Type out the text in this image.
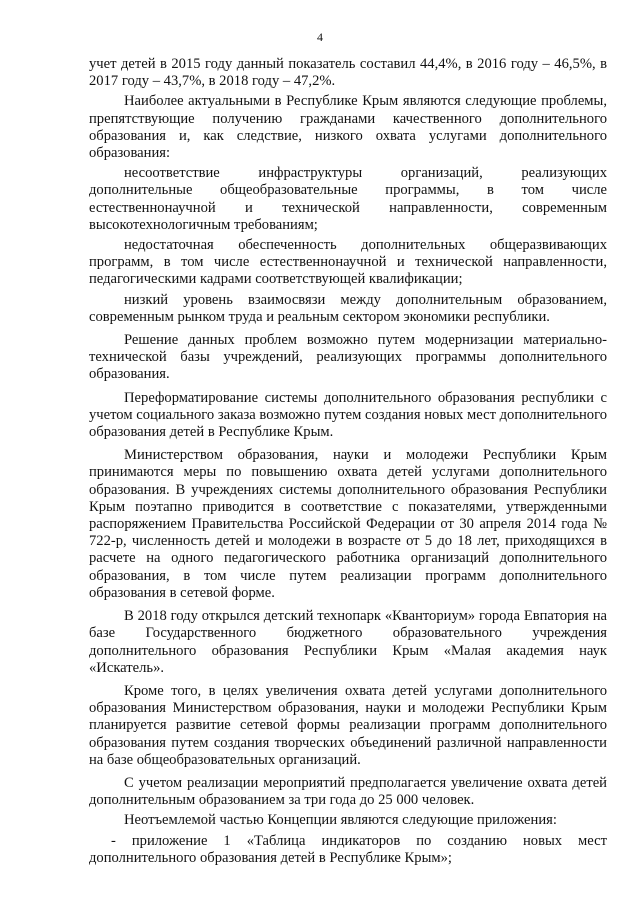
4

учет детей в 2015 году данный показатель составил 44,4%, в 2016 году – 46,5%, в 2017 году – 43,7%, в 2018 году – 47,2%.

Наиболее актуальными в Республике Крым являются следующие проблемы, препятствующие получению гражданами качественного дополнительного образования и, как следствие, низкого охвата услугами дополнительного образования:

несоответствие инфраструктуры организаций, реализующих дополнительные общеобразовательные программы, в том числе естественнонаучной и технической направленности, современным высокотехнологичным требованиям;

недостаточная обеспеченность дополнительных общеразвивающих программ, в том числе естественнонаучной и технической направленности, педагогическими кадрами соответствующей квалификации;

низкий уровень взаимосвязи между дополнительным образованием, современным рынком труда и реальным сектором экономики республики.

Решение данных проблем возможно путем модернизации материально-технической базы учреждений, реализующих программы дополнительного образования.

Переформатирование системы дополнительного образования республики с учетом социального заказа возможно путем создания новых мест дополнительного образования детей в Республике Крым.

Министерством образования, науки и молодежи Республики Крым принимаются меры по повышению охвата детей услугами дополнительного образования. В учреждениях системы дополнительного образования Республики Крым поэтапно приводится в соответствие с показателями, утвержденными распоряжением Правительства Российской Федерации от 30 апреля 2014 года № 722-р, численность детей и молодежи в возрасте от 5 до 18 лет, приходящихся в расчете на одного педагогического работника организаций дополнительного образования, в том числе путем реализации программ дополнительного образования в сетевой форме.

В 2018 году открылся детский технопарк «Кванториум» города Евпатория на базе Государственного бюджетного образовательного учреждения дополнительного образования Республики Крым «Малая академия наук «Искатель».

Кроме того, в целях увеличения охвата детей услугами дополнительного образования Министерством образования, науки и молодежи Республики Крым планируется развитие сетевой формы реализации программ дополнительного образования путем создания творческих объединений различной направленности на базе общеобразовательных организаций.

С учетом реализации мероприятий предполагается увеличение охвата детей дополнительным образованием за три года до 25 000 человек.

Неотъемлемой частью Концепции являются следующие приложения:

- приложение 1 «Таблица индикаторов по созданию новых мест дополнительного образования детей в Республике Крым»;
